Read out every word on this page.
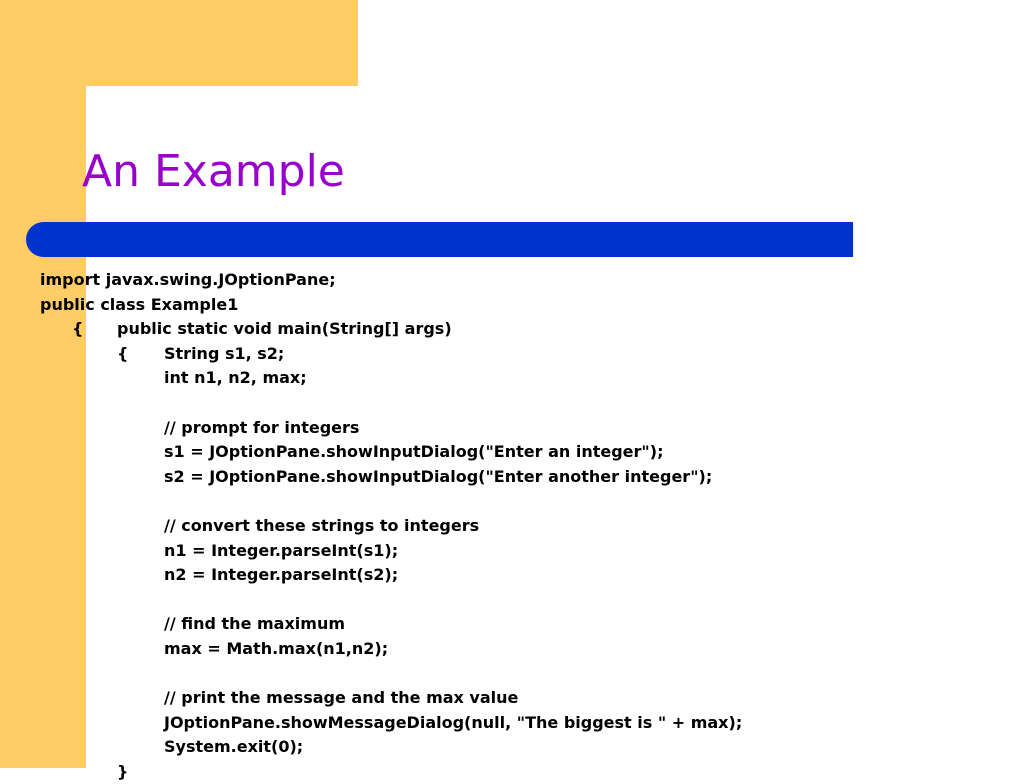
An Example
import javax.swing.JOptionPane;
public class Example1
{ public static void main(String[] args)
{ String s1, s2;
int n1, n2, max;
// prompt for integers
s1 = JOptionPane.showInputDialog("Enter an integer");
s2 = JOptionPane.showInputDialog("Enter another integer");
// convert these strings to integers
n1 = Integer.parseInt(s1);
n2 = Integer.parseInt(s2);
// find the maximum
max = Math.max(n1,n2);
// print the message and the max value
JOptionPane.showMessageDialog(null, "The biggest is " + max);
System.exit(0);
}
